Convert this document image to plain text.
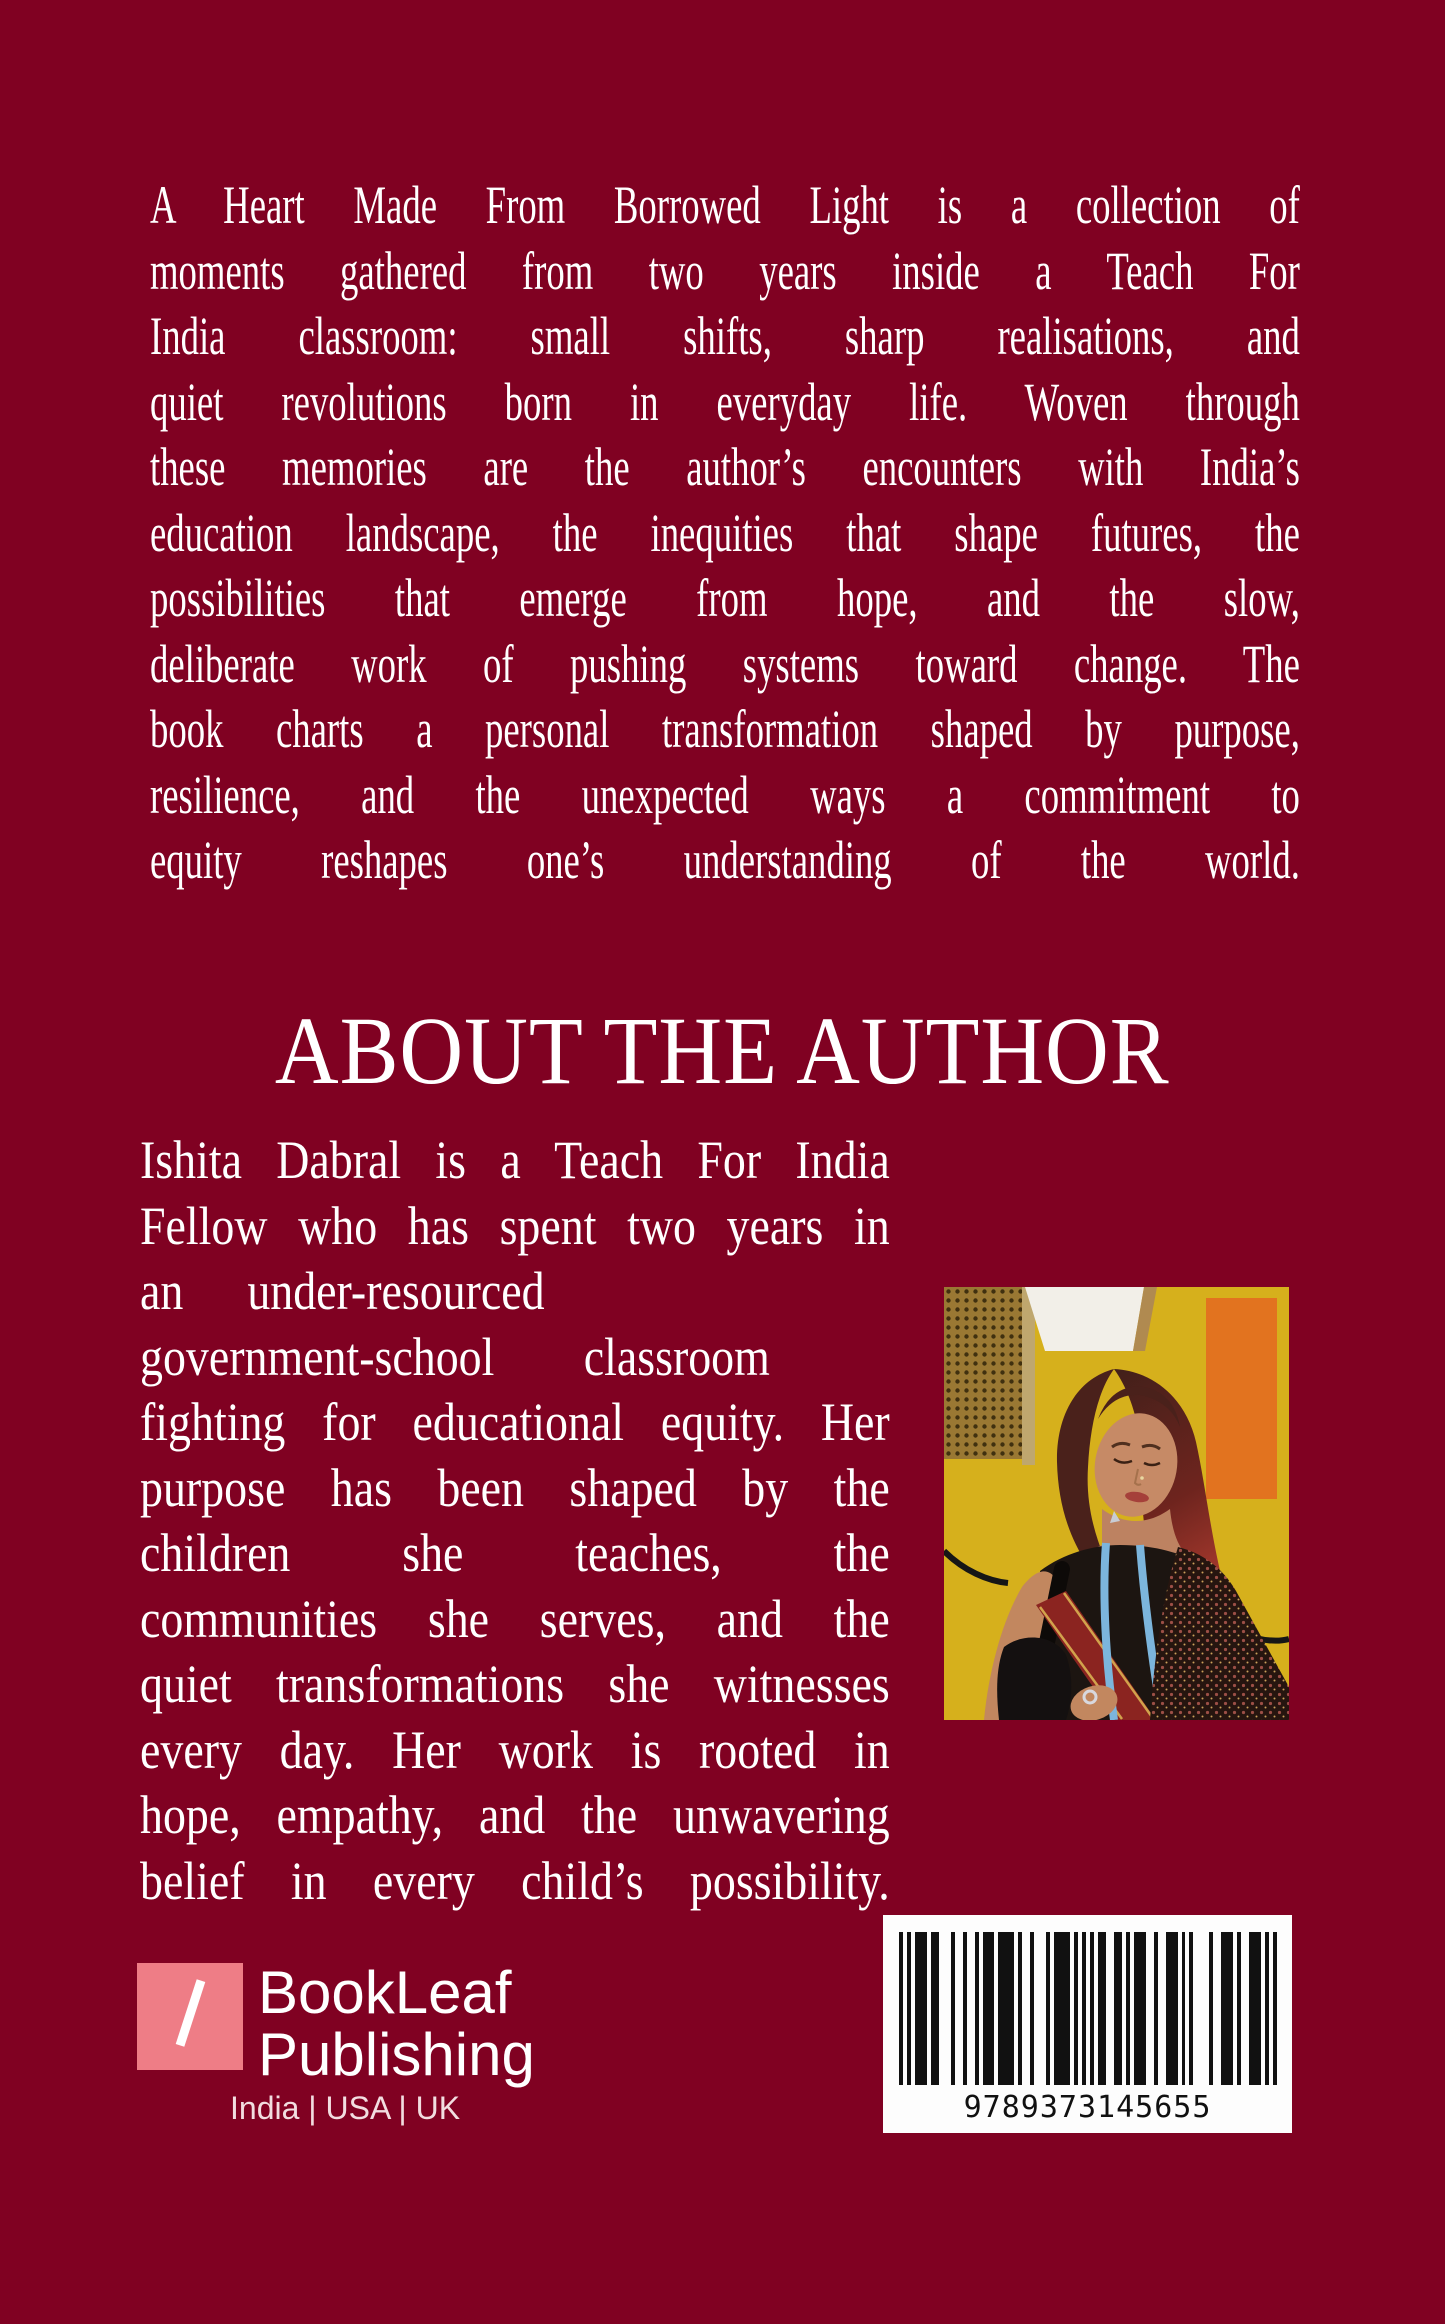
A Heart Made From Borrowed Light is a collection of
moments gathered from two years inside a Teach For
India classroom: small shifts, sharp realisations, and
quiet revolutions born in everyday life. Woven through
these memories are the author’s encounters with India’s
education landscape, the inequities that shape futures, the
possibilities that emerge from hope, and the slow,
deliberate work of pushing systems toward change. The
book charts a personal transformation shaped by purpose,
resilience, and the unexpected ways a commitment to
equity reshapes one’s understanding of the world.
ABOUT THE AUTHOR
Ishita Dabral is a Teach For India
Fellow who has spent two years in
an under-resourced
government-school classroom
fighting for educational equity. Her
purpose has been shaped by the
children she teaches, the
communities she serves, and the
quiet transformations she witnesses
every day. Her work is rooted in
hope, empathy, and the unwavering
belief in every child’s possibility.
BookLeaf
Publishing
India | USA | UK	9789373145655
